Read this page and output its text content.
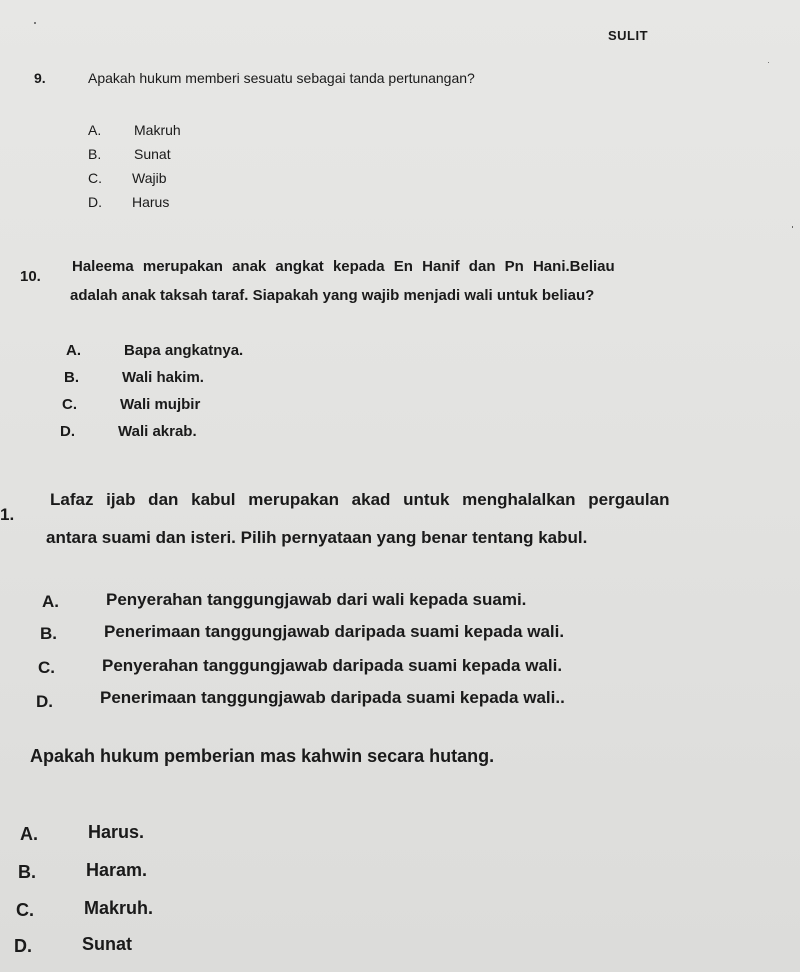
SULIT
9.	Apakah hukum memberi sesuatu sebagai tanda pertunangan?
A. Makruh
B. Sunat
C. Wajib
D. Harus
10.
Haleema merupakan anak angkat kepada En Hanif dan Pn Hani.Beliau
adalah anak taksah taraf. Siapakah yang wajib menjadi wali untuk beliau?
A.	Bapa angkatnya.
B.	Wali hakim.
C.	Wali mujbir
D.	Wali akrab.
1.
Lafaz ijab dan kabul merupakan akad untuk menghalalkan pergaulan
antara suami dan isteri. Pilih pernyataan yang benar tentang kabul.
A.	Penyerahan tanggungjawab dari wali kepada suami.
B.	Penerimaan tanggungjawab daripada suami kepada wali.
C.	Penyerahan tanggungjawab daripada suami kepada wali.
D.	Penerimaan tanggungjawab daripada suami kepada wali..
Apakah hukum pemberian mas kahwin secara hutang.
A.	Harus.
B.	Haram.
C.	Makruh.
D.	Sunat
